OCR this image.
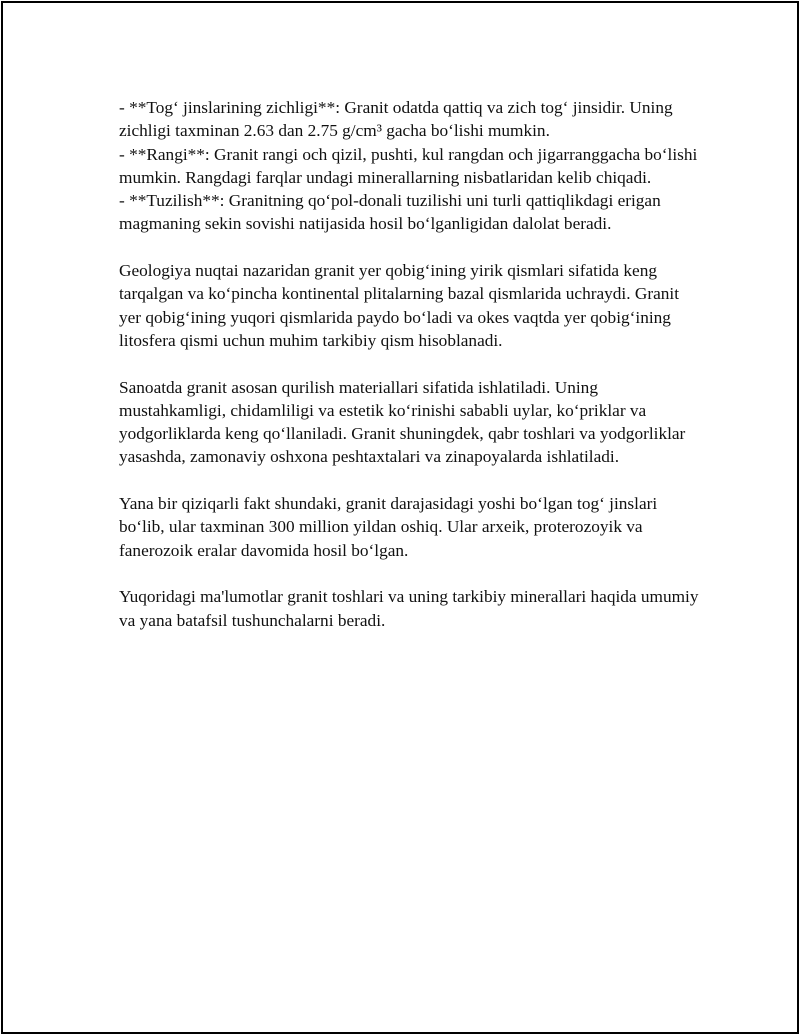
- **Tog‘ jinslarining zichligi**: Granit odatda qattiq va zich tog‘ jinsidir. Uning zichligi taxminan 2.63 dan 2.75 g/cm³ gacha bo‘lishi mumkin.

- **Rangi**: Granit rangi och qizil, pushti, kul rangdan och jigarranggacha bo‘lishi mumkin. Rangdagi farqlar undagi minerallarning nisbatlaridan kelib chiqadi.

- **Tuzilish**: Granitning qo‘pol-donali tuzilishi uni turli qattiqlikdagi erigan magmaning sekin sovishi natijasida hosil bo‘lganligidan dalolat beradi.

Geologiya nuqtai nazaridan granit yer qobig‘ining yirik qismlari sifatida keng tarqalgan va ko‘pincha kontinental plitalarning bazal qismlarida uchraydi. Granit yer qobig‘ining yuqori qismlarida paydo bo‘ladi va okes vaqtda yer qobig‘ining litosfera qismi uchun muhim tarkibiy qism hisoblanadi.

Sanoatda granit asosan qurilish materiallari sifatida ishlatiladi. Uning mustahkamligi, chidamliligi va estetik ko‘rinishi sababli uylar, ko‘priklar va yodgorliklarda keng qo‘llaniladi. Granit shuningdek, qabr toshlari va yodgorliklar yasashda, zamonaviy oshxona peshtaxtalari va zinapoyalarda ishlatiladi.

Yana bir qiziqarli fakt shundaki, granit darajasidagi yoshi bo‘lgan tog‘ jinslari bo‘lib, ular taxminan 300 million yildan oshiq. Ular arxeik, proterozoyik va fanerozoik eralar davomida hosil bo‘lgan.

Yuqoridagi ma'lumotlar granit toshlari va uning tarkibiy minerallari haqida umumiy va yana batafsil tushunchalarni beradi.
